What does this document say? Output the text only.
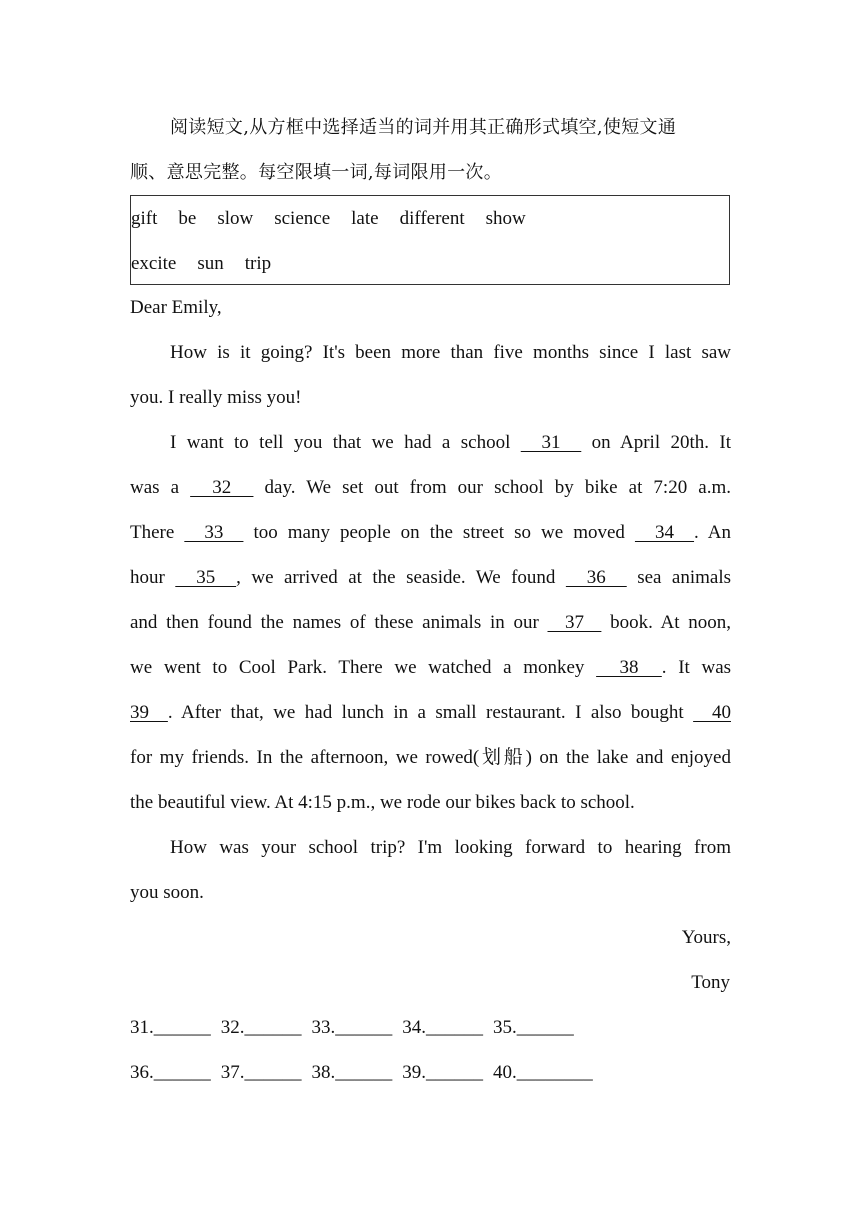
阅读短文,从方框中选择适当的词并用其正确形式填空,使短文通
顺、意思完整。每空限填一词,每词限用一次。
gift be slow science late different show
excite sun trip
Dear Emily,
How is it going? It's been more than five months since I last saw
you. I really miss you!
I want to tell you that we had a school   31   on April 20th. It
was a   32   day. We set out from our school by bike at 7:20 a.m.
There   33   too many people on the street so we moved   34  . An
hour   35  , we arrived at the seaside. We found   36   sea animals
and then found the names of these animals in our   37   book. At noon,
we went to Cool Park. There we watched a monkey   38  . It was
39  . After that, we had lunch in a small restaurant. I also bought   40
for my friends. In the afternoon, we rowed(划船) on the lake and enjoyed
the beautiful view. At 4:15 p.m., we rode our bikes back to school.
How was your school trip? I'm looking forward to hearing from
you soon.
Yours,
Tony
31.______ 32.______ 33.______ 34.______ 35.______
36.______ 37.______ 38.______ 39.______ 40.________
